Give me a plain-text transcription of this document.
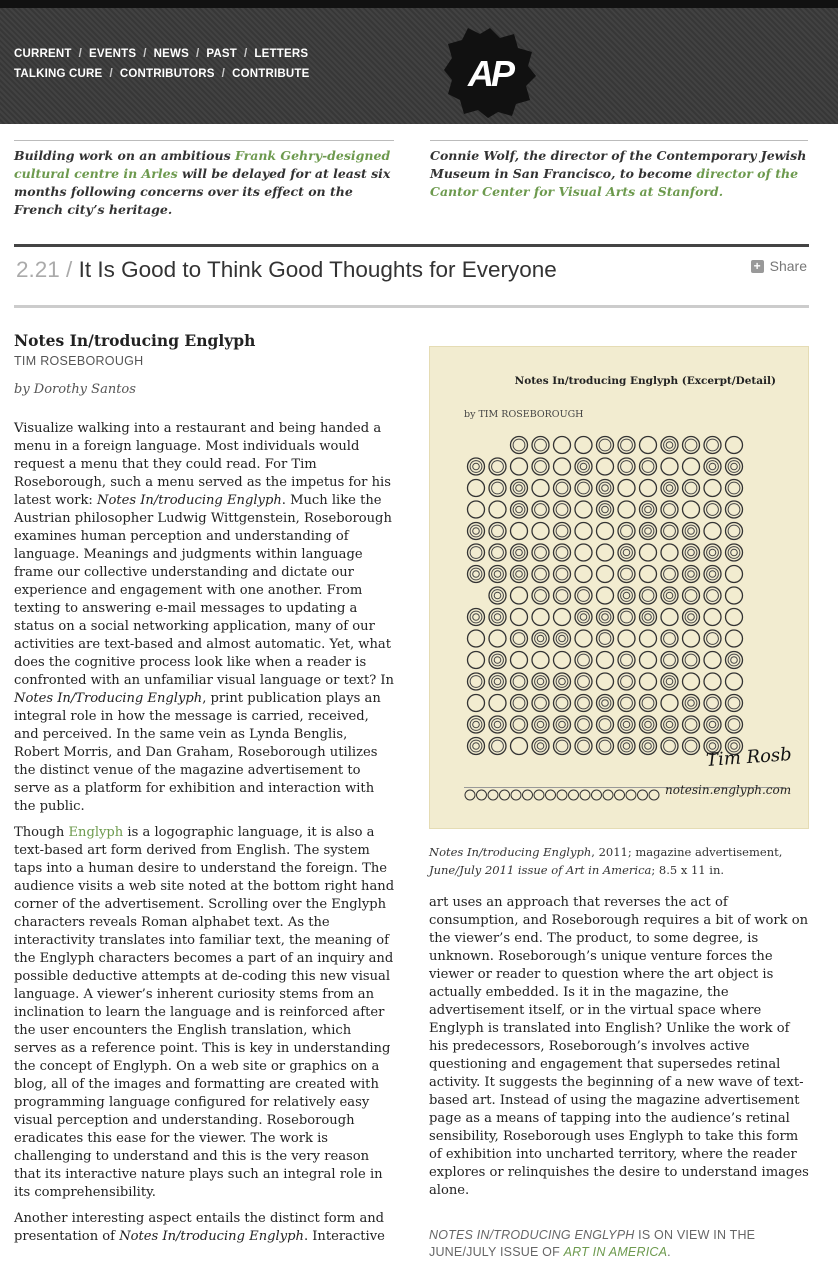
CURRENT / EVENTS / NEWS / PAST / LETTERS
TALKING CURE / CONTRIBUTORS / CONTRIBUTE	AP
Building work on an ambitious Frank Gehry-designed cultural centre in Arles will be delayed for at least six months following concerns over its effect on the French city’s heritage.
Connie Wolf, the director of the Contemporary Jewish Museum in San Francisco, to become director of the Cantor Center for Visual Arts at Stanford.
2.21 / It Is Good to Think Good Thoughts for Everyone	+ Share
Notes In/troducing Englyph
TIM ROSEBOROUGH
by Dorothy Santos

Visualize walking into a restaurant and being handed a menu in a foreign language. Most individuals would request a menu that they could read. For Tim Roseborough, such a menu served as the impetus for his latest work: Notes In/troducing Englyph. Much like the Austrian philosopher Ludwig Wittgenstein, Roseborough examines human perception and understanding of language. Meanings and judgments within language frame our collective understanding and dictate our experience and engagement with one another. From texting to answering e-mail messages to updating a status on a social networking application, many of our activities are text-based and almost automatic. Yet, what does the cognitive process look like when a reader is confronted with an unfamiliar visual language or text? In Notes In/Troducing Englyph, print publication plays an integral role in how the message is carried, received, and perceived. In the same vein as Lynda Benglis, Robert Morris, and Dan Graham, Roseborough utilizes the distinct venue of the magazine advertisement to serve as a platform for exhibition and interaction with the public.

Though Englyph is a logographic language, it is also a text-based art form derived from English. The system taps into a human desire to understand the foreign. The audience visits a web site noted at the bottom right hand corner of the advertisement. Scrolling over the Englyph characters reveals Roman alphabet text. As the interactivity translates into familiar text, the meaning of the Englyph characters becomes a part of an inquiry and possible deductive attempts at de-coding this new visual language. A viewer’s inherent curiosity stems from an inclination to learn the language and is reinforced after the user encounters the English translation, which serves as a reference point. This is key in understanding the concept of Englyph. On a web site or graphics on a blog, all of the images and formatting are created with programming language configured for relatively easy visual perception and understanding. Roseborough eradicates this ease for the viewer. The work is challenging to understand and this is the very reason that its interactive nature plays such an integral role in its comprehensibility.

Another interesting aspect entails the distinct form and presentation of Notes In/troducing Englyph. Interactive

Notes In/troducing Englyph (Excerpt/Detail)
by TIM ROSEBOROUGH
Tim Rosb
notesin.englyph.com
Notes In/troducing Englyph, 2011; magazine advertisement,
June/July 2011 issue of Art in America; 8.5 x 11 in.

art uses an approach that reverses the act of consumption, and Roseborough requires a bit of work on the viewer’s end. The product, to some degree, is unknown. Roseborough’s unique venture forces the viewer or reader to question where the art object is actually embedded. Is it in the magazine, the advertisement itself, or in the virtual space where Englyph is translated into English? Unlike the work of his predecessors, Roseborough’s involves active questioning and engagement that supersedes retinal activity. It suggests the beginning of a new wave of text-based art. Instead of using the magazine advertisement page as a means of tapping into the audience’s retinal sensibility, Roseborough uses Englyph to take this form of exhibition into uncharted territory, where the reader explores or relinquishes the desire to understand images alone.

NOTES IN/TRODUCING ENGLYPH IS ON VIEW IN THE JUNE/JULY ISSUE OF ART IN AMERICA.
